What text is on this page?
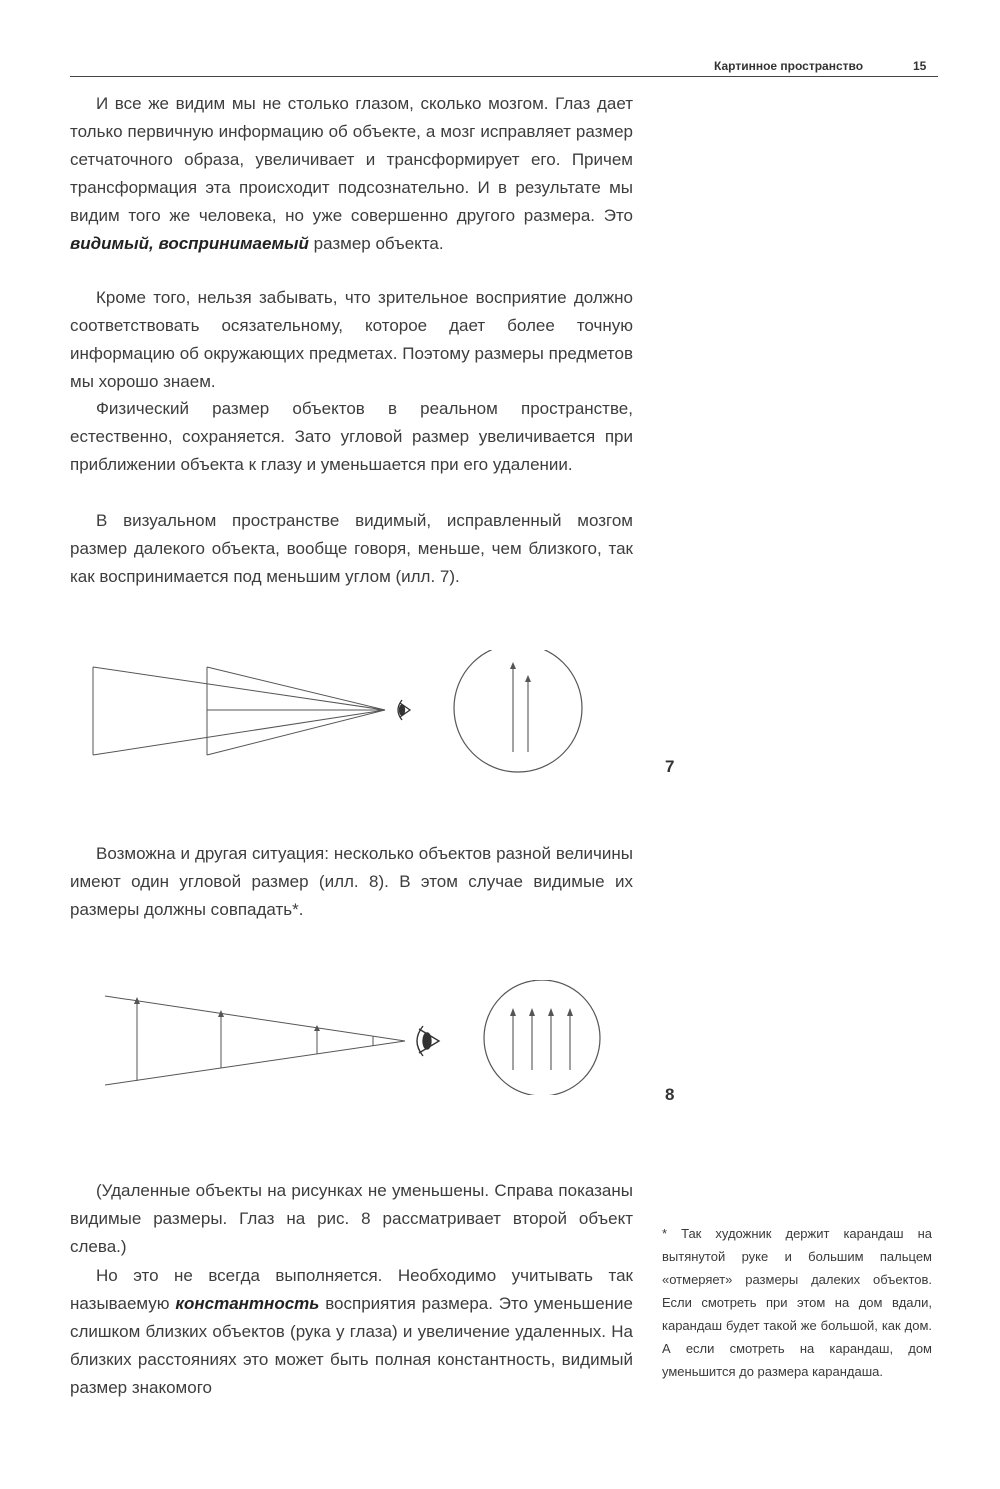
Картинное пространство	15

И все же видим мы не столько глазом, сколько мозгом. Глаз дает только первичную информацию об объекте, а мозг исправляет размер сетчаточного образа, увеличивает и трансформирует его. Причем трансформация эта происходит подсознательно. И в результате мы видим того же человека, но уже совершенно другого размера. Это видимый, воспринимаемый размер объекта.

Кроме того, нельзя забывать, что зрительное восприятие должно соответствовать осязательному, которое дает более точную информацию об окружающих предметах. Поэтому размеры предметов мы хорошо знаем.

Физический размер объектов в реальном пространстве, естественно, сохраняется. Зато угловой размер увеличивается при приближении объекта к глазу и уменьшается при его удалении.

В визуальном пространстве видимый, исправленный мозгом размер далекого объекта, вообще говоря, меньше, чем близкого, так как воспринимается под меньшим углом (илл. 7).

7

Возможна и другая ситуация: несколько объектов разной величины имеют один угловой размер (илл. 8). В этом случае видимые их размеры должны совпадать*.

8

(Удаленные объекты на рисунках не уменьшены. Справа показаны видимые размеры. Глаз на рис. 8 рассматривает второй объект слева.)

Но это не всегда выполняется. Необходимо учитывать так называемую константность восприятия размера. Это уменьшение слишком близких объектов (рука у глаза) и увеличение удаленных. На близких расстояниях это может быть полная константность, видимый размер знакомого

* Так художник держит карандаш на вытянутой руке и большим пальцем «отмеряет» размеры далеких объектов. Если смотреть при этом на дом вдали, карандаш будет такой же большой, как дом. А если смотреть на карандаш, дом уменьшится до размера карандаша.
